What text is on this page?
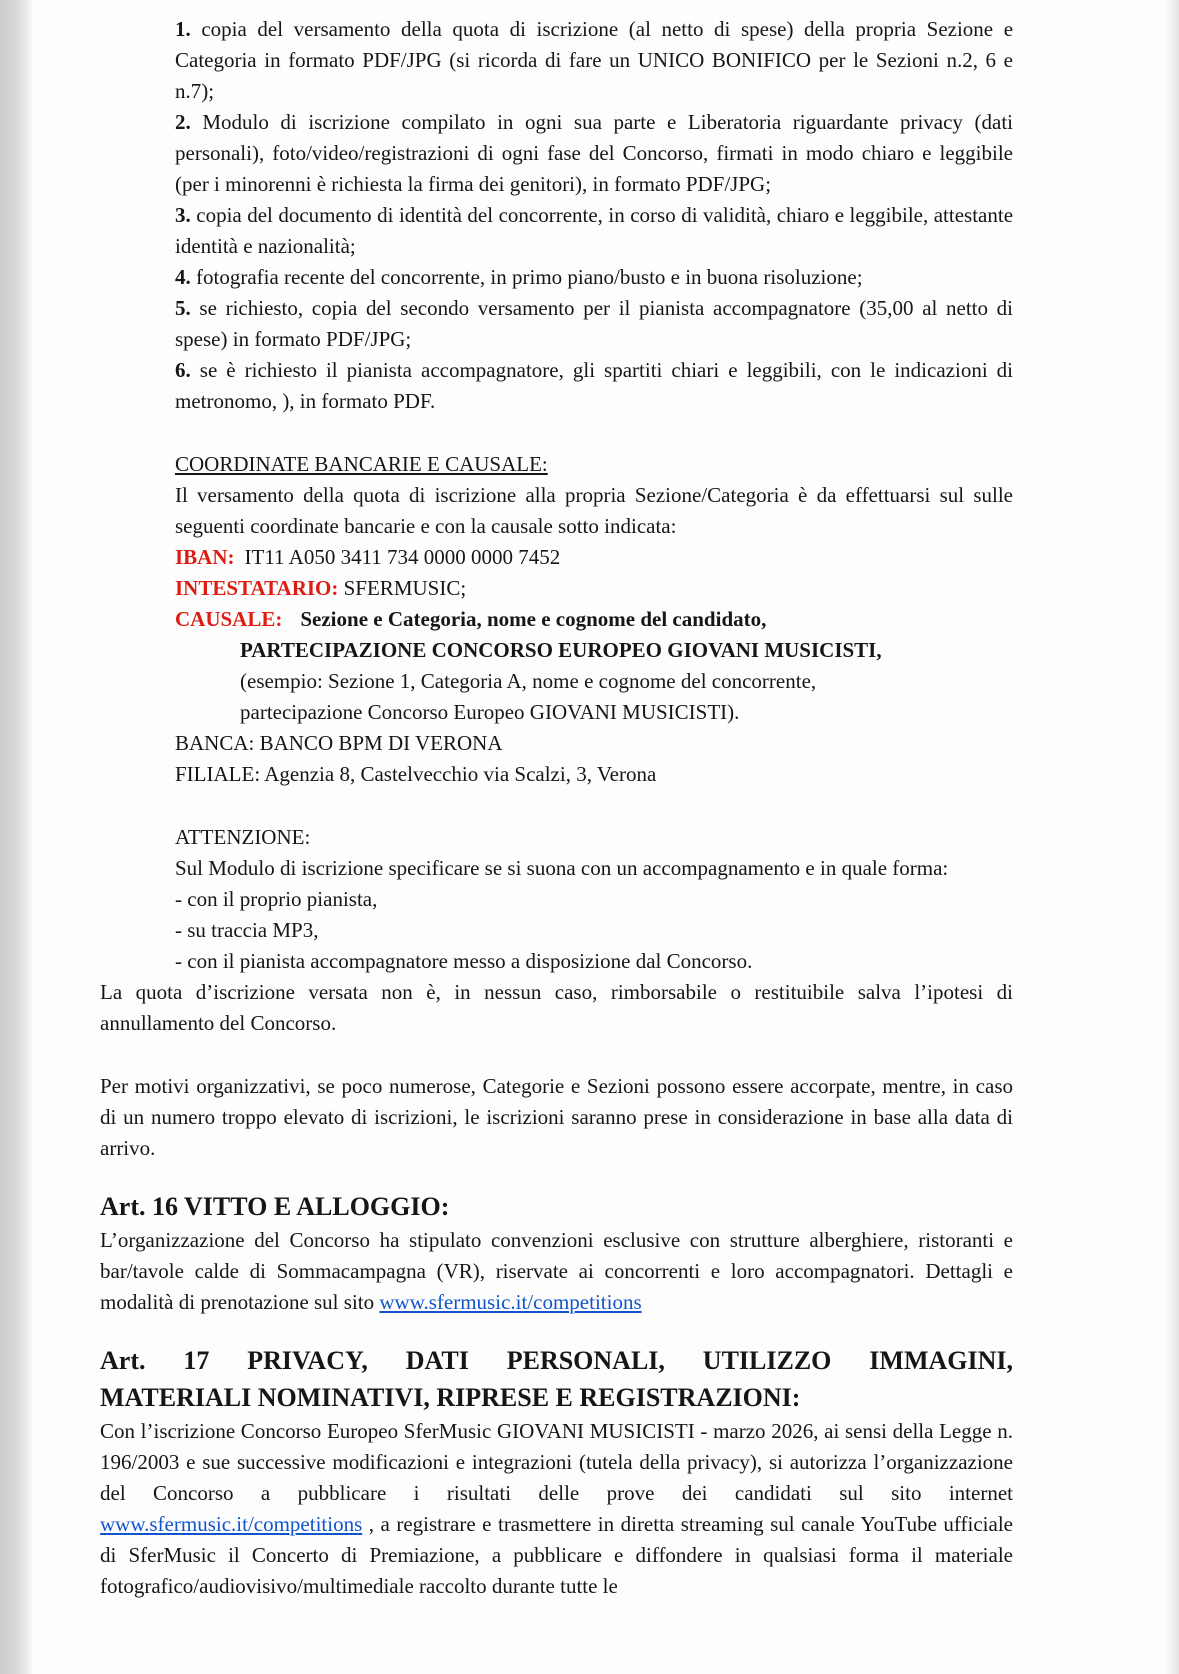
1. copia del versamento della quota di iscrizione (al netto di spese) della propria Sezione e Categoria in formato PDF/JPG (si ricorda di fare un UNICO BONIFICO per le Sezioni n.2, 6 e n.7);

2. Modulo di iscrizione compilato in ogni sua parte e Liberatoria riguardante privacy (dati personali), foto/video/registrazioni di ogni fase del Concorso, firmati in modo chiaro e leggibile (per i minorenni è richiesta la firma dei genitori), in formato PDF/JPG;

3. copia del documento di identità del concorrente, in corso di validità, chiaro e leggibile, attestante identità e nazionalità;

4. fotografia recente del concorrente, in primo piano/busto e in buona risoluzione;

5. se richiesto, copia del secondo versamento per il pianista accompagnatore (35,00 al netto di spese) in formato PDF/JPG;

6. se è richiesto il pianista accompagnatore, gli spartiti chiari e leggibili, con le indicazioni di metronomo, ), in formato PDF.

COORDINATE BANCARIE E CAUSALE:

Il versamento della quota di iscrizione alla propria Sezione/Categoria è da effettuarsi sul sulle seguenti coordinate bancarie e con la causale sotto indicata:

IBAN: IT11 A050 3411 734 0000 0000 7452

INTESTATARIO: SFERMUSIC;

CAUSALE: Sezione e Categoria, nome e cognome del candidato,

PARTECIPAZIONE CONCORSO EUROPEO GIOVANI MUSICISTI,

(esempio: Sezione 1, Categoria A, nome e cognome del concorrente,

partecipazione Concorso Europeo GIOVANI MUSICISTI).

BANCA: BANCO BPM DI VERONA

FILIALE: Agenzia 8, Castelvecchio via Scalzi, 3, Verona

ATTENZIONE:

Sul Modulo di iscrizione specificare se si suona con un accompagnamento e in quale forma:

- con il proprio pianista,

- su traccia MP3,

- con il pianista accompagnatore messo a disposizione dal Concorso.

La quota d’iscrizione versata non è, in nessun caso, rimborsabile o restituibile salva l’ipotesi di annullamento del Concorso.

Per motivi organizzativi, se poco numerose, Categorie e Sezioni possono essere accorpate, mentre, in caso di un numero troppo elevato di iscrizioni, le iscrizioni saranno prese in considerazione in base alla data di arrivo.

Art. 16 VITTO E ALLOGGIO:

L’organizzazione del Concorso ha stipulato convenzioni esclusive con strutture alberghiere, ristoranti e bar/tavole calde di Sommacampagna (VR), riservate ai concorrenti e loro accompagnatori. Dettagli e modalità di prenotazione sul sito www.sfermusic.it/competitions

Art. 17 PRIVACY, DATI PERSONALI, UTILIZZO IMMAGINI,

MATERIALI NOMINATIVI, RIPRESE E REGISTRAZIONI:

Con l’iscrizione Concorso Europeo SferMusic GIOVANI MUSICISTI - marzo 2026, ai sensi della Legge n. 196/2003 e sue successive modificazioni e integrazioni (tutela della privacy), si autorizza l’organizzazione del Concorso a pubblicare i risultati delle prove dei candidati sul sito internet www.sfermusic.it/competitions , a registrare e trasmettere in diretta streaming sul canale YouTube ufficiale di SferMusic il Concerto di Premiazione, a pubblicare e diffondere in qualsiasi forma il materiale fotografico/audiovisivo/multimediale raccolto durante tutte le
